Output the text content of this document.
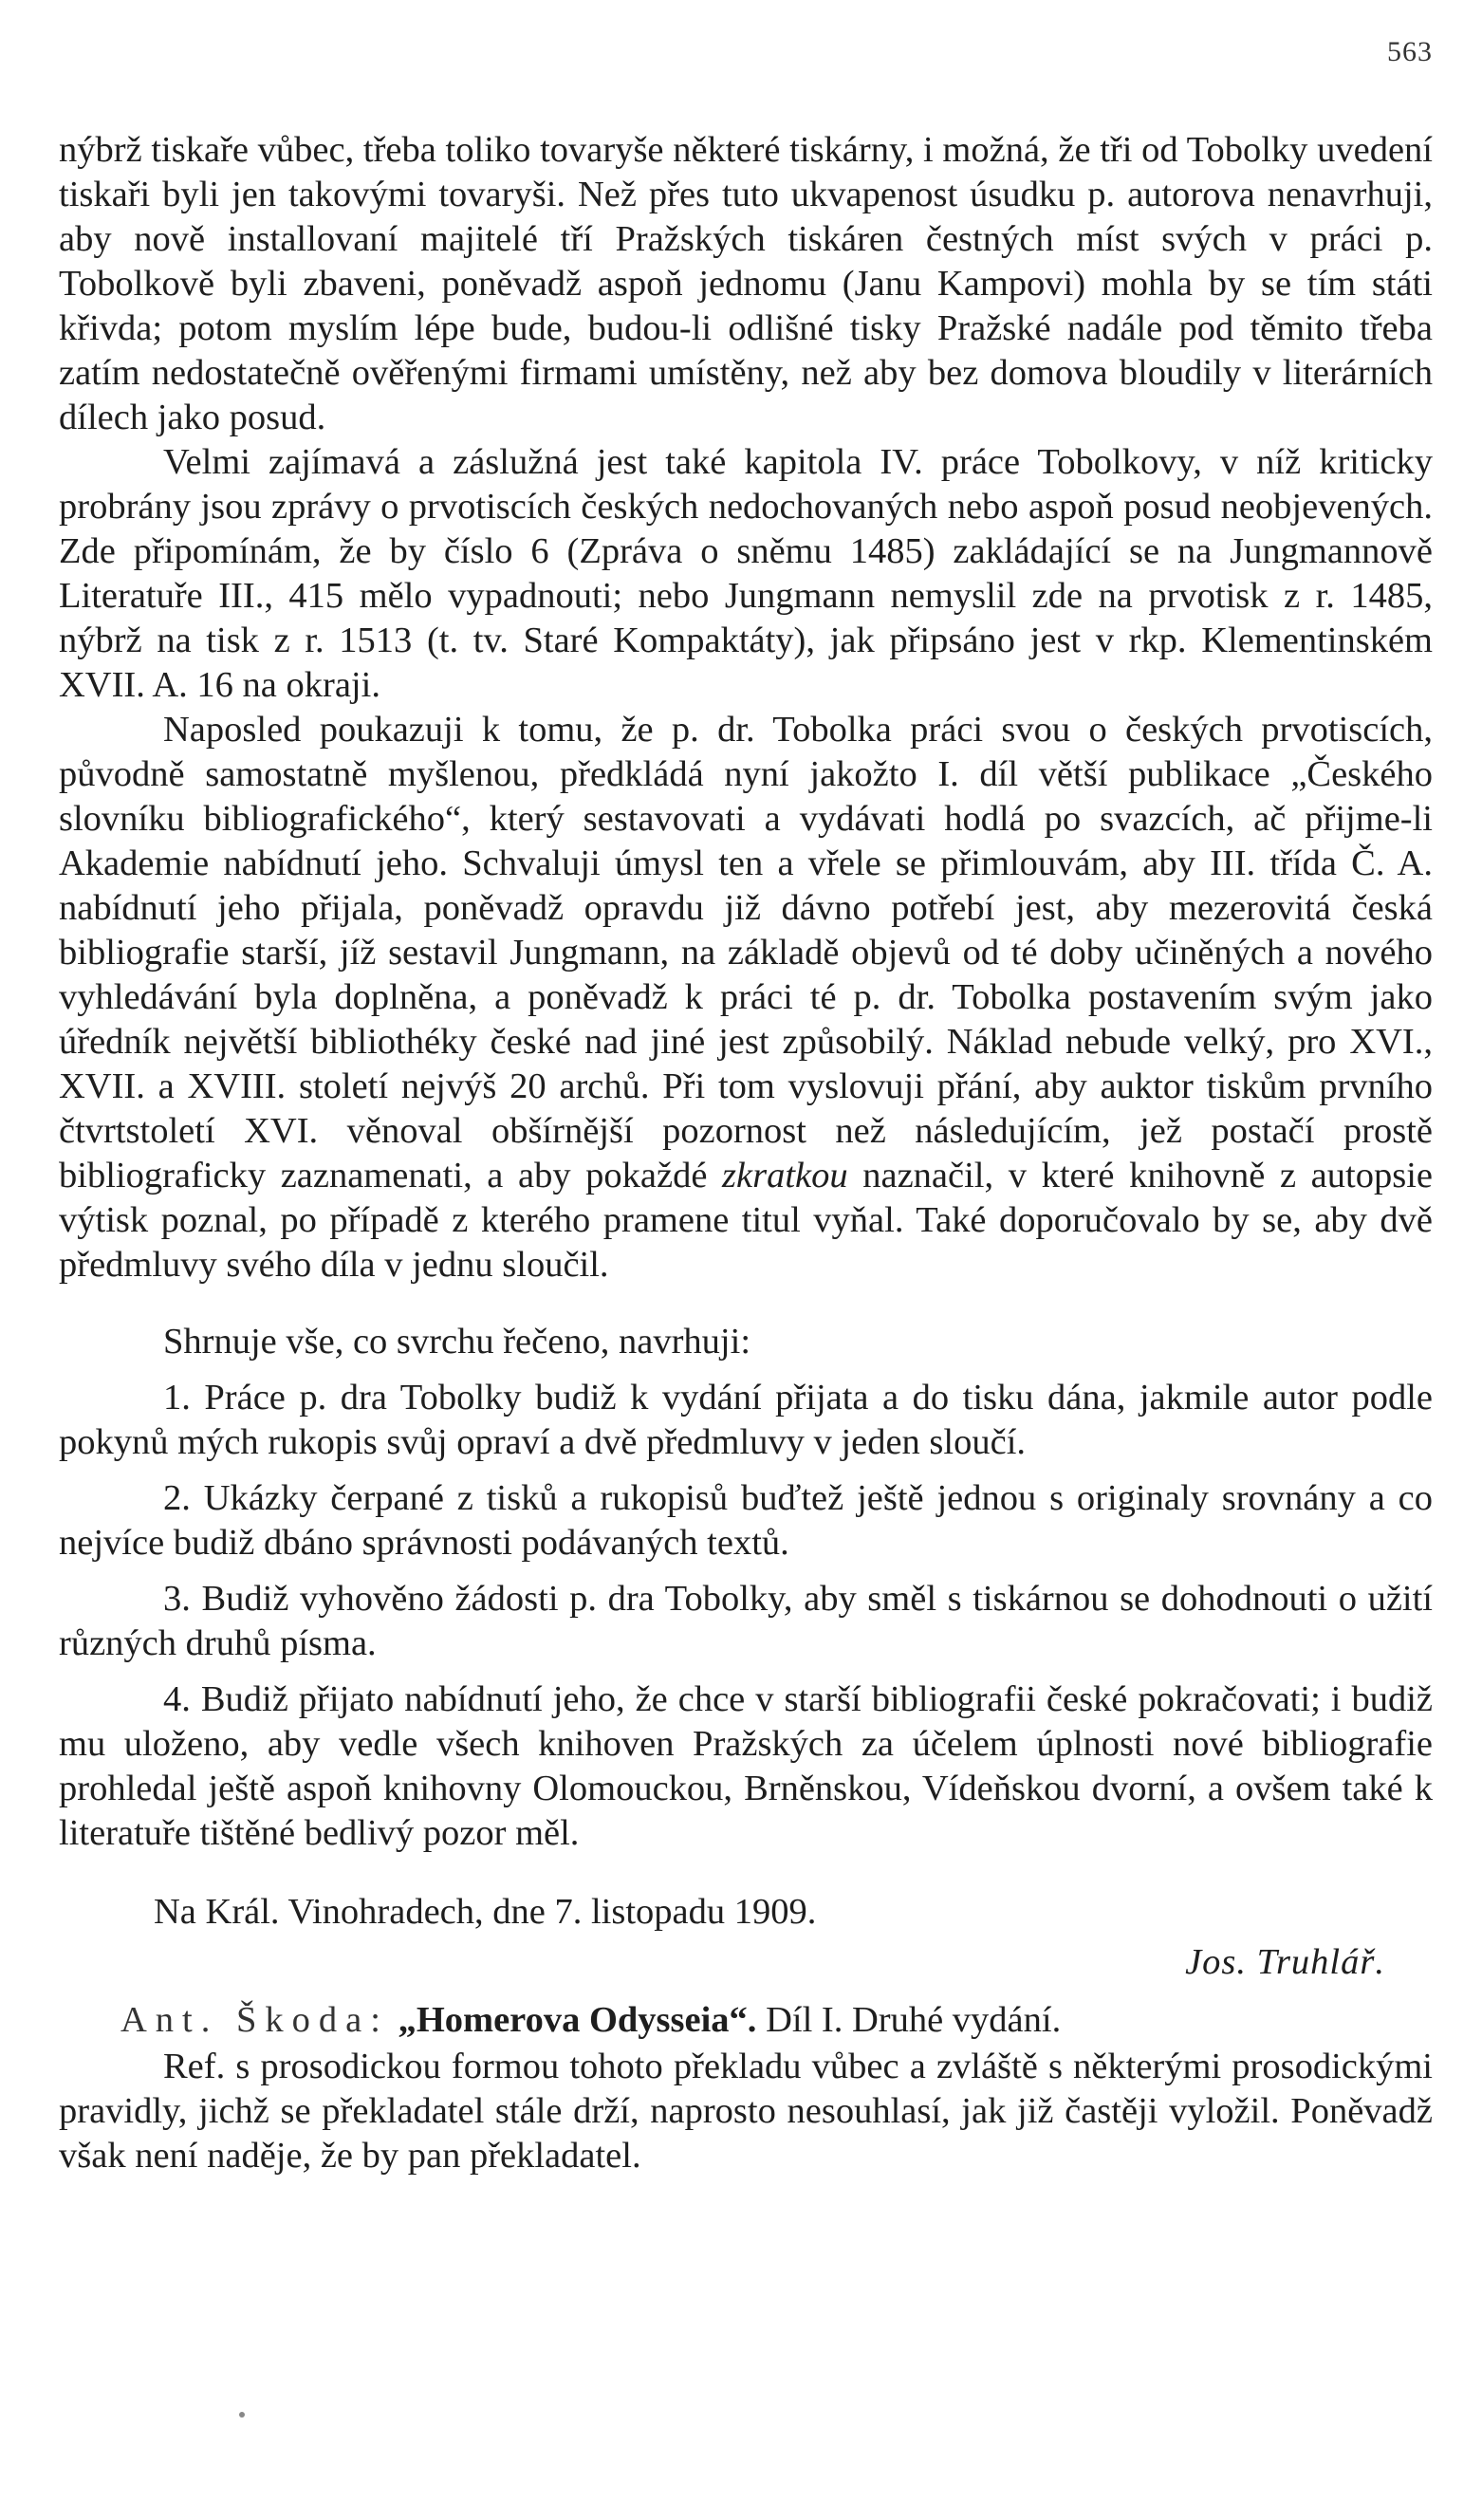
563

nýbrž tiskaře vůbec, třeba toliko tovaryše některé tiskárny, i možná, že tři od Tobolky uvedení tiskaři byli jen takovými tovaryši. Než přes tuto ukvapenost úsudku p. autorova nenavrhuji, aby nově installovaní majitelé tří Pražských tiskáren čestných míst svých v práci p. Tobolkově byli zbaveni, poněvadž aspoň jednomu (Janu Kampovi) mohla by se tím státi křivda; potom myslím lépe bude, budou-li odlišné tisky Pražské nadále pod těmito třeba zatím nedostatečně ověřenými firmami umístěny, než aby bez domova bloudily v literárních dílech jako posud.

Velmi zajímavá a záslužná jest také kapitola IV. práce Tobolkovy, v níž kriticky probrány jsou zprávy o prvotiscích českých nedochovaných nebo aspoň posud neobjevených. Zde připomínám, že by číslo 6 (Zpráva o sněmu 1485) zakládající se na Jungmannově Literatuře III., 415 mělo vypadnouti; nebo Jungmann nemyslil zde na prvotisk z r. 1485, nýbrž na tisk z r. 1513 (t. tv. Staré Kompaktáty), jak připsáno jest v rkp. Klementinském XVII. A. 16 na okraji.

Naposled poukazuji k tomu, že p. dr. Tobolka práci svou o českých prvotiscích, původně samostatně myšlenou, předkládá nyní jakožto I. díl větší publikace „Českého slovníku bibliografického“, který sestavovati a vydávati hodlá po svazcích, ač přijme-li Akademie nabídnutí jeho. Schvaluji úmysl ten a vřele se přimlouvám, aby III. třída Č. A. nabídnutí jeho přijala, poněvadž opravdu již dávno potřebí jest, aby mezerovitá česká bibliografie starší, jíž sestavil Jungmann, na základě objevů od té doby učiněných a nového vyhledávání byla doplněna, a poněvadž k práci té p. dr. Tobolka postavením svým jako úředník největší bibliothéky české nad jiné jest způsobilý. Náklad nebude velký, pro XVI., XVII. a XVIII. století nejvýš 20 archů. Při tom vyslovuji přání, aby auktor tiskům prvního čtvrtstoletí XVI. věnoval obšírnější pozornost než následujícím, jež postačí prostě bibliograficky zaznamenati, a aby pokaždé zkratkou naznačil, v které knihovně z autopsie výtisk poznal, po případě z kterého pramene titul vyňal. Také doporučovalo by se, aby dvě předmluvy svého díla v jednu sloučil.

Shrnuje vše, co svrchu řečeno, navrhuji:

1. Práce p. dra Tobolky budiž k vydání přijata a do tisku dána, jakmile autor podle pokynů mých rukopis svůj opraví a dvě předmluvy v jeden sloučí.

2. Ukázky čerpané z tisků a rukopisů buďtež ještě jednou s originaly srovnány a co nejvíce budiž dbáno správnosti podávaných textů.

3. Budiž vyhověno žádosti p. dra Tobolky, aby směl s tiskárnou se dohodnouti o užití různých druhů písma.

4. Budiž přijato nabídnutí jeho, že chce v starší bibliografii české pokračovati; i budiž mu uloženo, aby vedle všech knihoven Pražských za účelem úplnosti nové bibliografie prohledal ještě aspoň knihovny Olomouckou, Brněnskou, Vídeňskou dvorní, a ovšem také k literatuře tištěné bedlivý pozor měl.

Na Král. Vinohradech, dne 7. listopadu 1909.

Jos. Truhlář.

Ant. Škoda: „Homerova Odysseia“. Díl I. Druhé vydání.

Ref. s prosodickou formou tohoto překladu vůbec a zvláště s některými prosodickými pravidly, jichž se překladatel stále drží, naprosto nesouhlasí, jak již častěji vyložil. Poněvadž však není naděje, že by pan překladatel.
